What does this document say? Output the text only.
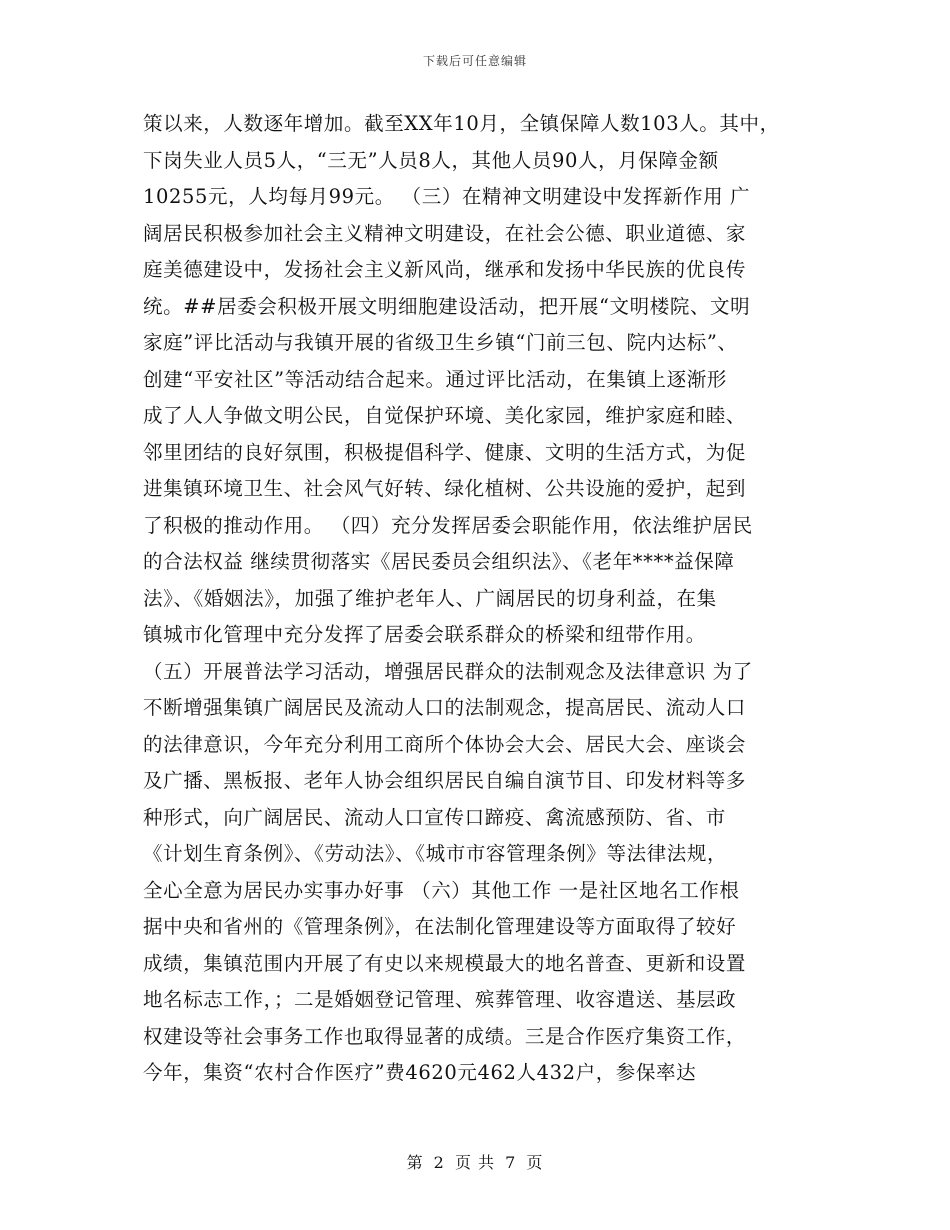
下载后可任意编辑
策以来，人数逐年增加。截至XX年10月，全镇保障人数103人。其中，
下岗失业人员5人，“三无”人员8人，其他人员90人，月保障金额
10255元，人均每月99元。 （三）在精神文明建设中发挥新作用 广
阔居民积极参加社会主义精神文明建设，在社会公德、职业道德、家
庭美德建设中，发扬社会主义新风尚，继承和发扬中华民族的优良传
统。##居委会积极开展文明细胞建设活动，把开展“文明楼院、文明
家庭”评比活动与我镇开展的省级卫生乡镇“门前三包、院内达标”、
创建“平安社区”等活动结合起来。通过评比活动，在集镇上逐渐形
成了人人争做文明公民，自觉保护环境、美化家园，维护家庭和睦、
邻里团结的良好氛围，积极提倡科学、健康、文明的生活方式，为促
进集镇环境卫生、社会风气好转、绿化植树、公共设施的爱护，起到
了积极的推动作用。 （四）充分发挥居委会职能作用，依法维护居民
的合法权益 继续贯彻落实《居民委员会组织法》、《老年****益保障
法》、《婚姻法》，加强了维护老年人、广阔居民的切身利益，在集
镇城市化管理中充分发挥了居委会联系群众的桥梁和纽带作用。
（五）开展普法学习活动，增强居民群众的法制观念及法律意识 为了
不断增强集镇广阔居民及流动人口的法制观念，提高居民、流动人口
的法律意识，今年充分利用工商所个体协会大会、居民大会、座谈会
及广播、黑板报、老年人协会组织居民自编自演节目、印发材料等多
种形式，向广阔居民、流动人口宣传口蹄疫、禽流感预防、省、市
《计划生育条例》、《劳动法》、《城市市容管理条例》等法律法规，
全心全意为居民办实事办好事 （六）其他工作 一是社区地名工作根
据中央和省州的《管理条例》，在法制化管理建设等方面取得了较好
成绩，集镇范围内开展了有史以来规模最大的地名普查、更新和设置
地名标志工作，；二是婚姻登记管理、殡葬管理、收容遣送、基层政
权建设等社会事务工作也取得显著的成绩。三是合作医疗集资工作，
今年，集资“农村合作医疗”费4620元462人432户，参保率达
第 2 页 共 7 页
